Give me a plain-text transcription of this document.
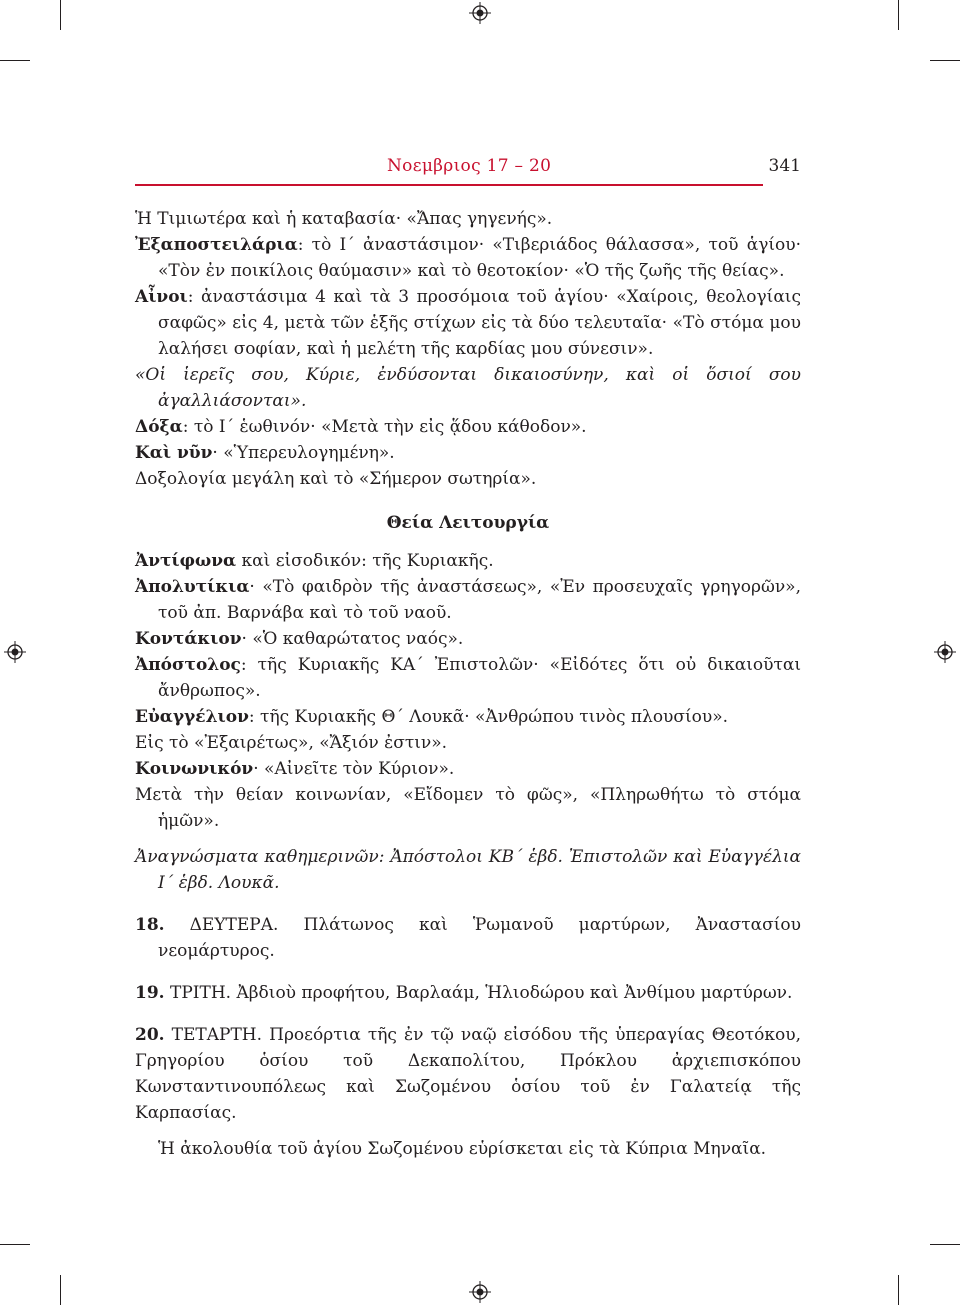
Νοεμβριος 17 – 20	341

Ἡ Τιμιωτέρα καὶ ἡ καταβασία· «Ἄπας γηγενής».

Ἐξαποστειλάρια: τὸ Ι´ ἀναστάσιμον· «Τιβεριάδος θάλασσα», τοῦ ἁγίου· «Τὸν ἐν ποικίλοις θαύμασιν» καὶ τὸ θεοτοκίον· «Ὁ τῆς ζωῆς τῆς θείας».

Αἶνοι: ἀναστάσιμα 4 καὶ τὰ 3 προσόμοια τοῦ ἁγίου· «Χαίροις, θεολογίαις σαφῶς» εἰς 4, μετὰ τῶν ἑξῆς στίχων εἰς τὰ δύο τελευταῖα· «Τὸ στόμα μου λαλήσει σοφίαν, καὶ ἡ μελέτη τῆς καρδίας μου σύνεσιν».

«Οἱ ἱερεῖς σου, Κύριε, ἐνδύσονται δικαιοσύνην, καὶ οἱ ὅσιοί σου ἀγαλλιάσονται».

Δόξα: τὸ Ι´ ἑωθινόν· «Μετὰ τὴν εἰς ᾅδου κάθοδον».

Καὶ νῦν· «Ὑπερευλογημένη».

Δοξολογία μεγάλη καὶ τὸ «Σήμερον σωτηρία».

Θεία Λειτουργία

Ἀντίφωνα καὶ εἰσοδικόν: τῆς Κυριακῆς.

Ἀπολυτίκια· «Τὸ φαιδρὸν τῆς ἀναστάσεως», «Ἐν προσευχαῖς γρηγορῶν», τοῦ ἀπ. Βαρνάβα καὶ τὸ τοῦ ναοῦ.

Κοντάκιον· «Ὁ καθαρώτατος ναός».

Ἀπόστολος: τῆς Κυριακῆς ΚΑ´ Ἐπιστολῶν· «Εἰδότες ὅτι οὐ δικαιοῦται ἄνθρωπος».

Εὐαγγέλιον: τῆς Κυριακῆς Θ´ Λουκᾶ· «Ἀνθρώπου τινὸς πλουσίου».

Εἰς τὸ «Ἐξαιρέτως», «Ἄξιόν ἐστιν».

Κοινωνικόν· «Αἰνεῖτε τὸν Κύριον».

Μετὰ τὴν θείαν κοινωνίαν, «Εἴδομεν τὸ φῶς», «Πληρωθήτω τὸ στόμα ἡμῶν».

Ἀναγνώσματα καθημερινῶν: Ἀπόστολοι ΚΒ´ ἑβδ. Ἐπιστολῶν καὶ Εὐαγγέλια Ι´ ἑβδ. Λουκᾶ.

18. ΔΕΥΤΕΡΑ. Πλάτωνος καὶ Ῥωμανοῦ μαρτύρων, Ἀναστασίου νεομάρτυρος.

19. ΤΡΙΤΗ. Ἀβδιοὺ προφήτου, Βαρλαάμ, Ἡλιοδώρου καὶ Ἀνθίμου μαρτύρων.

20. ΤΕΤΑΡΤΗ. Προεόρτια τῆς ἐν τῷ ναῷ εἰσόδου τῆς ὑπεραγίας Θεοτόκου, Γρηγορίου ὁσίου τοῦ Δεκαπολίτου, Πρόκλου ἀρχιεπισκόπου Κωνσταντινουπόλεως καὶ Σωζομένου ὁσίου τοῦ ἐν Γαλατείᾳ τῆς Καρπασίας.

Ἡ ἀκολουθία τοῦ ἁγίου Σωζομένου εὑρίσκεται εἰς τὰ Κύπρια Μηναῖα.
